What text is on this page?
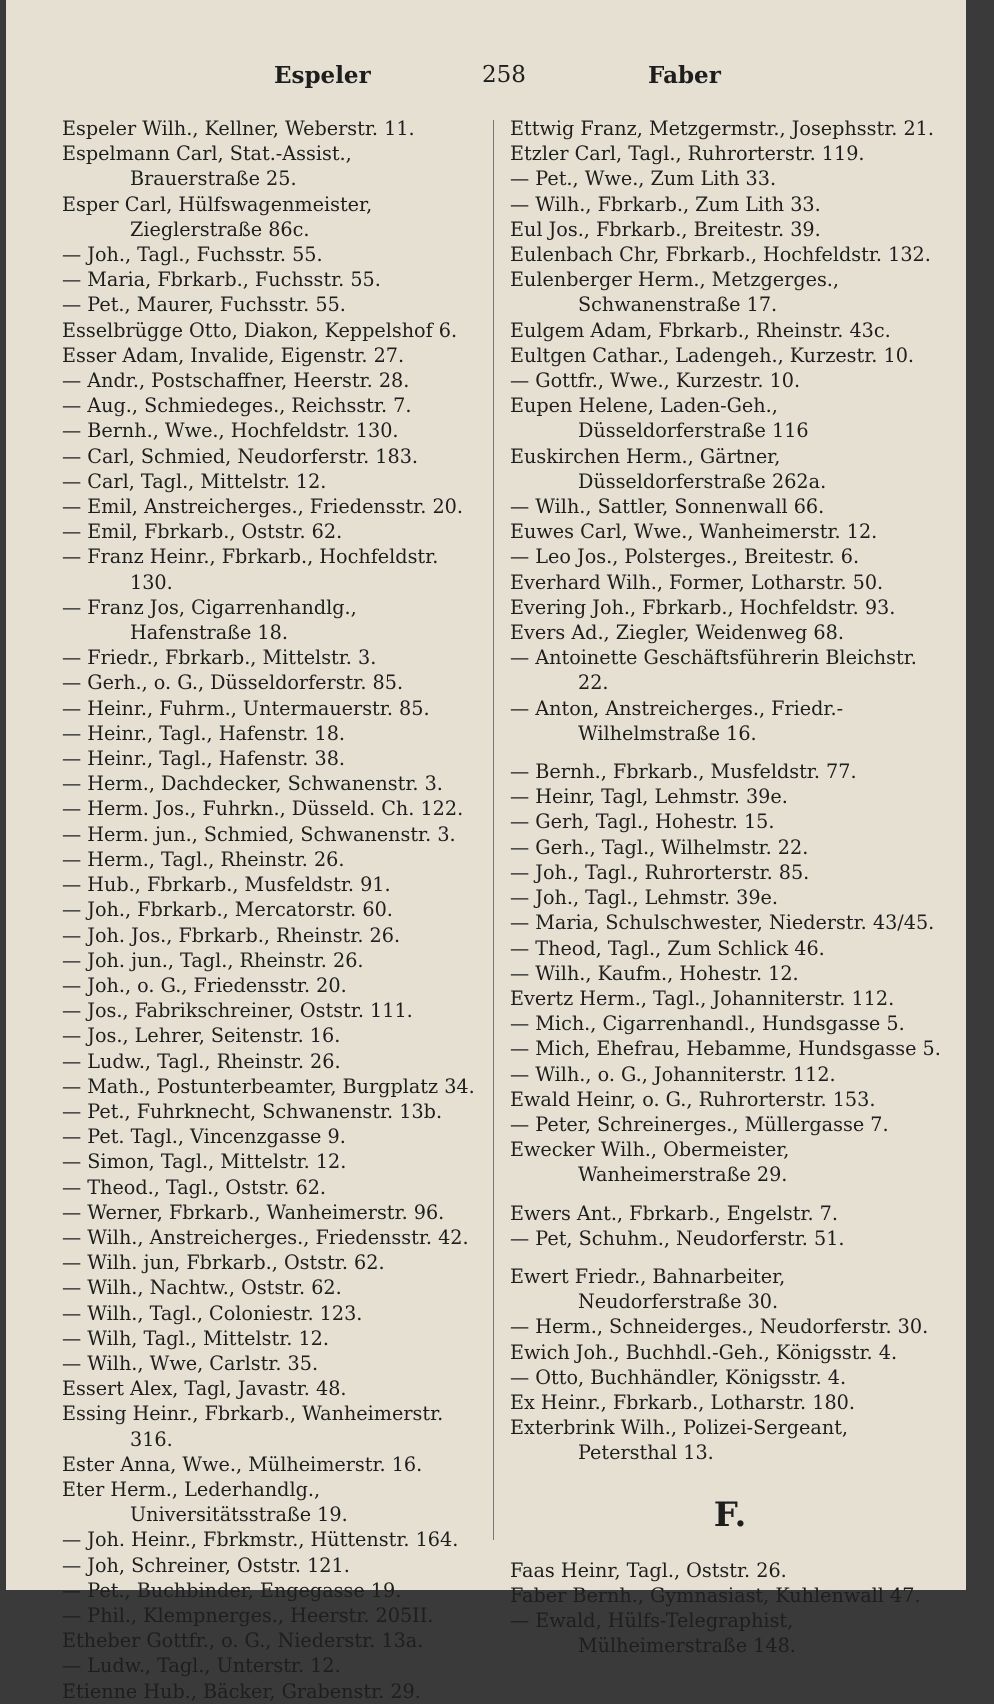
Espeler	258	Faber
Espeler Wilh., Kellner, Weberstr. 11.
Espelmann Carl, Stat.-Assist., Brauerstraße 25.
Esper Carl, Hülfswagenmeister, Zieglerstraße 86c.
— Joh., Tagl., Fuchsstr. 55.
— Maria, Fbrkarb., Fuchsstr. 55.
— Pet., Maurer, Fuchsstr. 55.
Esselbrügge Otto, Diakon, Keppelshof 6.
Esser Adam, Invalide, Eigenstr. 27.
— Andr., Postschaffner, Heerstr. 28.
— Aug., Schmiedeges., Reichsstr. 7.
— Bernh., Wwe., Hochfeldstr. 130.
— Carl, Schmied, Neudorferstr. 183.
— Carl, Tagl., Mittelstr. 12.
— Emil, Anstreicherges., Friedensstr. 20.
— Emil, Fbrkarb., Oststr. 62.
— Franz Heinr., Fbrkarb., Hochfeldstr. 130.
— Franz Jos, Cigarrenhandlg., Hafenstraße 18.
— Friedr., Fbrkarb., Mittelstr. 3.
— Gerh., o. G., Düsseldorferstr. 85.
— Heinr., Fuhrm., Untermauerstr. 85.
— Heinr., Tagl., Hafenstr. 18.
— Heinr., Tagl., Hafenstr. 38.
— Herm., Dachdecker, Schwanenstr. 3.
— Herm. Jos., Fuhrkn., Düsseld. Ch. 122.
— Herm. jun., Schmied, Schwanenstr. 3.
— Herm., Tagl., Rheinstr. 26.
— Hub., Fbrkarb., Musfeldstr. 91.
— Joh., Fbrkarb., Mercatorstr. 60.
— Joh. Jos., Fbrkarb., Rheinstr. 26.
— Joh. jun., Tagl., Rheinstr. 26.
— Joh., o. G., Friedensstr. 20.
— Jos., Fabrikschreiner, Oststr. 111.
— Jos., Lehrer, Seitenstr. 16.
— Ludw., Tagl., Rheinstr. 26.
— Math., Postunterbeamter, Burgplatz 34.
— Pet., Fuhrknecht, Schwanenstr. 13b.
— Pet. Tagl., Vincenzgasse 9.
— Simon, Tagl., Mittelstr. 12.
— Theod., Tagl., Oststr. 62.
— Werner, Fbrkarb., Wanheimerstr. 96.
— Wilh., Anstreicherges., Friedensstr. 42.
— Wilh. jun, Fbrkarb., Oststr. 62.
— Wilh., Nachtw., Oststr. 62.
— Wilh., Tagl., Coloniestr. 123.
— Wilh, Tagl., Mittelstr. 12.
— Wilh., Wwe, Carlstr. 35.
Essert Alex, Tagl, Javastr. 48.
Essing Heinr., Fbrkarb., Wanheimerstr. 316.
Ester Anna, Wwe., Mülheimerstr. 16.
Eter Herm., Lederhandlg., Universitätsstraße 19.
— Joh. Heinr., Fbrkmstr., Hüttenstr. 164.
— Joh, Schreiner, Oststr. 121.
— Pet., Buchbinder, Engegasse 19.
— Phil., Klempnerges., Heerstr. 205II.
Etheber Gottfr., o. G., Niederstr. 13a.
— Ludw., Tagl., Unterstr. 12.
Etienne Hub., Bäcker, Grabenstr. 29.
Ettwig Franz, Metzgermstr., Josephsstr. 21.
Etzler Carl, Tagl., Ruhrorterstr. 119.
— Pet., Wwe., Zum Lith 33.
— Wilh., Fbrkarb., Zum Lith 33.
Eul Jos., Fbrkarb., Breitestr. 39.
Eulenbach Chr, Fbrkarb., Hochfeldstr. 132.
Eulenberger Herm., Metzgerges., Schwanenstraße 17.
Eulgem Adam, Fbrkarb., Rheinstr. 43c.
Eultgen Cathar., Ladengeh., Kurzestr. 10.
— Gottfr., Wwe., Kurzestr. 10.
Eupen Helene, Laden-Geh., Düsseldorferstraße 116
Euskirchen Herm., Gärtner, Düsseldorferstraße 262a.
— Wilh., Sattler, Sonnenwall 66.
Euwes Carl, Wwe., Wanheimerstr. 12.
— Leo Jos., Polsterges., Breitestr. 6.
Everhard Wilh., Former, Lotharstr. 50.
Evering Joh., Fbrkarb., Hochfeldstr. 93.
Evers Ad., Ziegler, Weidenweg 68.
— Antoinette Geschäftsführerin Bleichstr. 22.
— Anton, Anstreicherges., Friedr.-Wilhelmstraße 16.
— Bernh., Fbrkarb., Musfeldstr. 77.
— Heinr, Tagl, Lehmstr. 39e.
— Gerh, Tagl., Hohestr. 15.
— Gerh., Tagl., Wilhelmstr. 22.
— Joh., Tagl., Ruhrorterstr. 85.
— Joh., Tagl., Lehmstr. 39e.
— Maria, Schulschwester, Niederstr. 43/45.
— Theod, Tagl., Zum Schlick 46.
— Wilh., Kaufm., Hohestr. 12.
Evertz Herm., Tagl., Johanniterstr. 112.
— Mich., Cigarrenhandl., Hundsgasse 5.
— Mich, Ehefrau, Hebamme, Hundsgasse 5.
— Wilh., o. G., Johanniterstr. 112.
Ewald Heinr, o. G., Ruhrorterstr. 153.
— Peter, Schreinerges., Müllergasse 7.
Ewecker Wilh., Obermeister, Wanheimerstraße 29.
Ewers Ant., Fbrkarb., Engelstr. 7.
— Pet, Schuhm., Neudorferstr. 51.
Ewert Friedr., Bahnarbeiter, Neudorferstraße 30.
— Herm., Schneiderges., Neudorferstr. 30.
Ewich Joh., Buchhdl.-Geh., Königsstr. 4.
— Otto, Buchhändler, Königsstr. 4.
Ex Heinr., Fbrkarb., Lotharstr. 180.
Exterbrink Wilh., Polizei-Sergeant, Petersthal 13.
F.
Faas Heinr, Tagl., Oststr. 26.
Faber Bernh., Gymnasiast, Kuhlenwall 47.
— Ewald, Hülfs-Telegraphist, Mülheimerstraße 148.
